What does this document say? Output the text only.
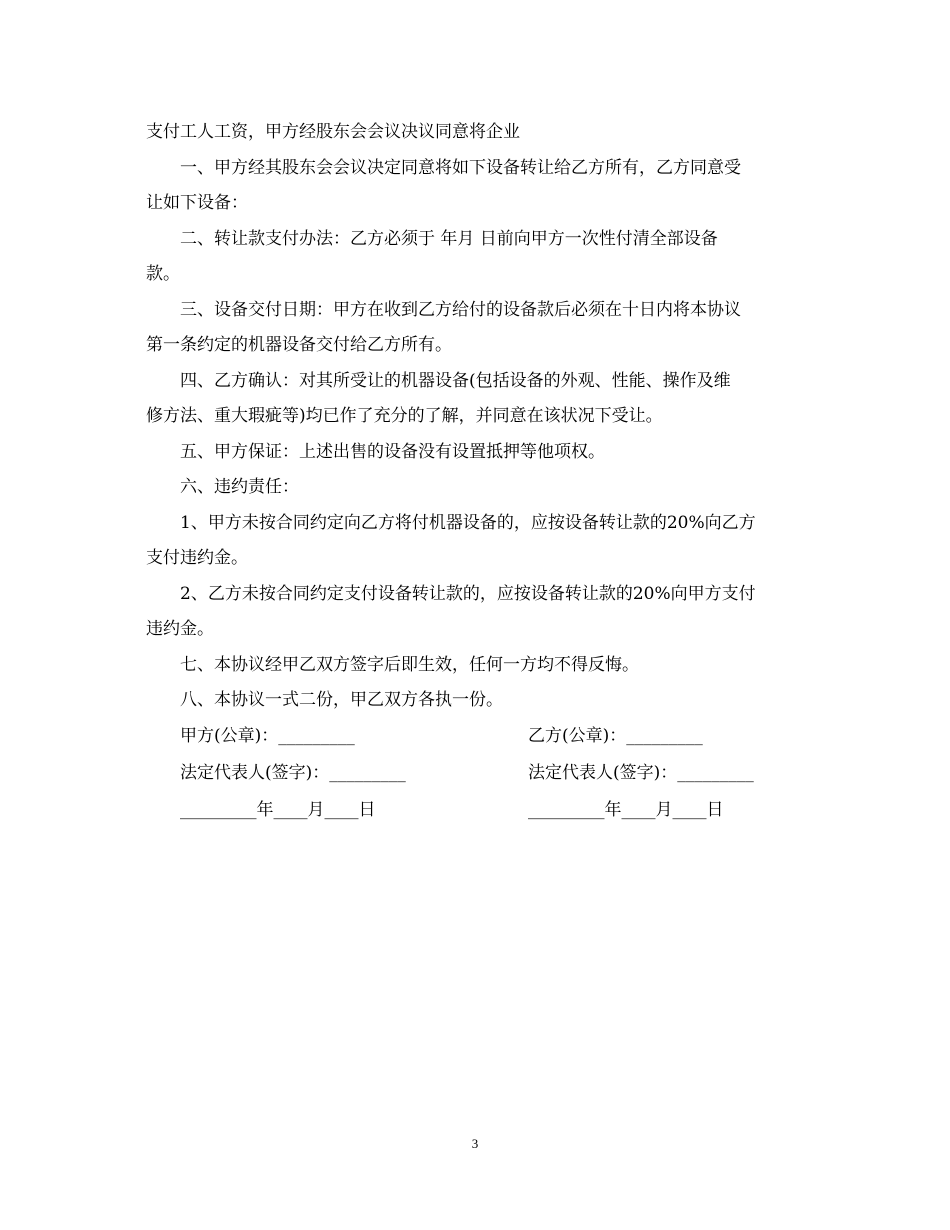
支付工人工资，甲方经股东会会议决议同意将企业

一、甲方经其股东会会议决定同意将如下设备转让给乙方所有，乙方同意受
让如下设备：

二、转让款支付办法：乙方必须于 年月 日前向甲方一次性付清全部设备
款。

三、设备交付日期：甲方在收到乙方给付的设备款后必须在十日内将本协议
第一条约定的机器设备交付给乙方所有。

四、乙方确认：对其所受让的机器设备(包括设备的外观、性能、操作及维
修方法、重大瑕疵等)均已作了充分的了解，并同意在该状况下受让。

五、甲方保证：上述出售的设备没有设置抵押等他项权。

六、违约责任：

1、甲方未按合同约定向乙方将付机器设备的，应按设备转让款的20%向乙方
支付违约金。

2、乙方未按合同约定支付设备转让款的，应按设备转让款的20%向甲方支付
违约金。

七、本协议经甲乙双方签字后即生效，任何一方均不得反悔。

八、本协议一式二份，甲乙双方各执一份。

甲方(公章)：_________	乙方(公章)：_________
法定代表人(签字)：_________	法定代表人(签字)：_________
_________年____月____日	_________年____月____日
3
